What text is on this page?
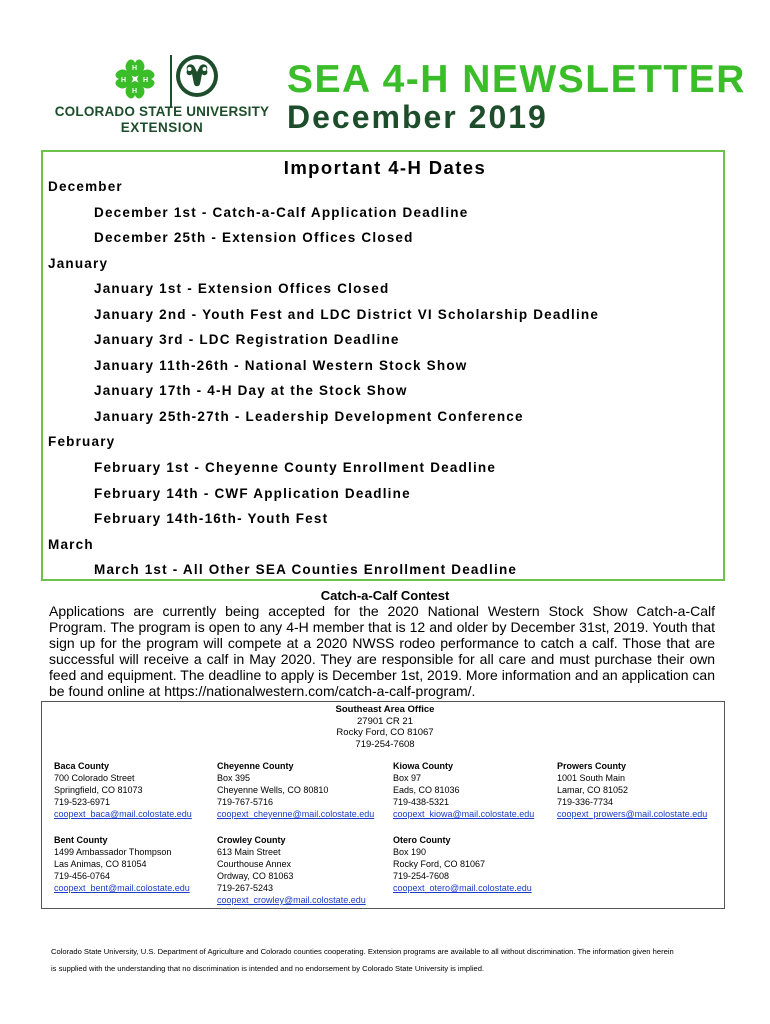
H
H
H
H
COLORADO STATE UNIVERSITY
EXTENSION
SEA 4-H NEWSLETTER
December 2019
Important 4-H Dates
December
December 1st - Catch-a-Calf Application Deadline
December 25th - Extension Offices Closed
January
January 1st - Extension Offices Closed
January 2nd - Youth Fest and LDC District VI Scholarship Deadline
January 3rd - LDC Registration Deadline
January 11th-26th - National Western Stock Show
January 17th - 4-H Day at the Stock Show
January 25th-27th - Leadership Development Conference
February
February 1st - Cheyenne County Enrollment Deadline
February 14th - CWF Application Deadline
February 14th-16th- Youth Fest
March
March 1st - All Other SEA Counties Enrollment Deadline
Catch-a-Calf Contest
Applications are currently being accepted for the 2020 National Western Stock Show Catch-a-Calf Program. The program is open to any 4-H member that is 12 and older by December 31st, 2019. Youth that sign up for the program will compete at a 2020 NWSS rodeo performance to catch a calf. Those that are successful will receive a calf in May 2020. They are responsible for all care and must purchase their own feed and equipment. The deadline to apply is December 1st, 2019. More information and an application can be found online at https://nationalwestern.com/catch-a-calf-program/.
Southeast Area Office
27901 CR 21
Rocky Ford, CO 81067
719-254-7608
Baca County
700 Colorado Street
Springfield, CO 81073
719-523-6971
coopext_baca@mail.colostate.edu
Cheyenne County
Box 395
Cheyenne Wells, CO 80810
719-767-5716
coopext_cheyenne@mail.colostate.edu
Kiowa County
Box 97
Eads, CO 81036
719-438-5321
coopext_kiowa@mail.colostate.edu
Prowers County
1001 South Main
Lamar, CO 81052
719-336-7734
coopext_prowers@mail.colostate.edu
Bent County
1499 Ambassador Thompson
Las Animas, CO 81054
719-456-0764
coopext_bent@mail.colostate.edu
Crowley County
613 Main Street
Courthouse Annex
Ordway, CO 81063
719-267-5243
coopext_crowley@mail.colostate.edu
Otero County
Box 190
Rocky Ford, CO 81067
719-254-7608
coopext_otero@mail.colostate.edu
Colorado State University, U.S. Department of Agriculture and Colorado counties cooperating. Extension programs are available to all without discrimination. The information given herein
is supplied with the understanding that no discrimination is intended and no endorsement by Colorado State University is implied.
